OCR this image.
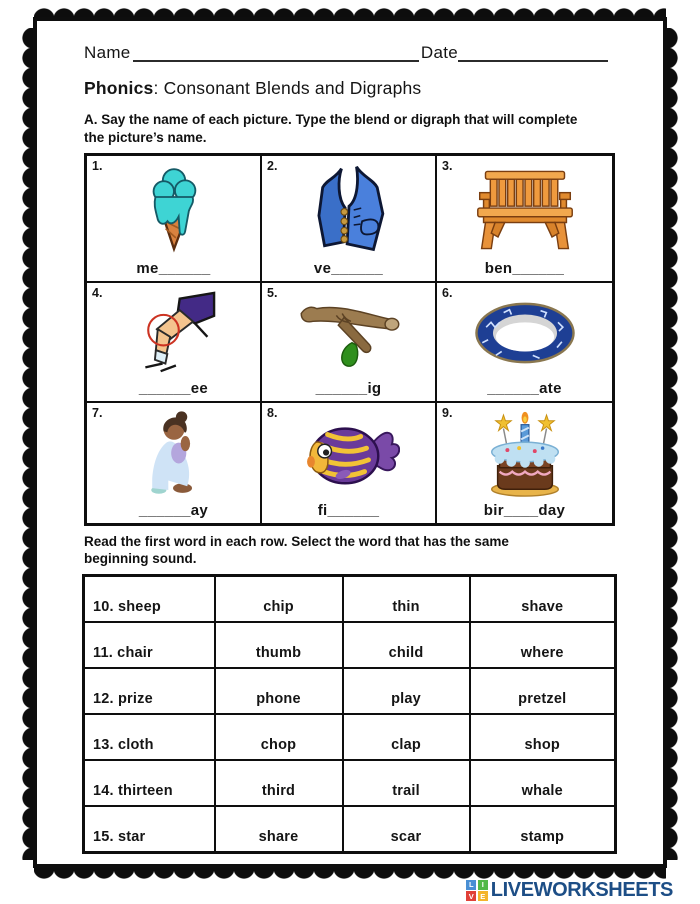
Name	Date
Phonics: Consonant Blends and Digraphs
A. Say the name of each picture. Type the blend or digraph that will complete the picture’s name.
1.
me______
2.
ve______
3.
ben______
4.
______ee
5.
______ig
6.
______ate
7.
______ay
8.
fi______
9.
bir____day
Read the first word in each row. Select the word that has the same beginning sound.
10. sheep	chip	thin	shave
11. chair	thumb	child	where
12. prize	phone	play	pretzel
13. cloth	chop	clap	shop
14. thirteen	third	trail	whale
15. star	share	scar	stamp
L	I
V E LIVEWORKSHEETS
